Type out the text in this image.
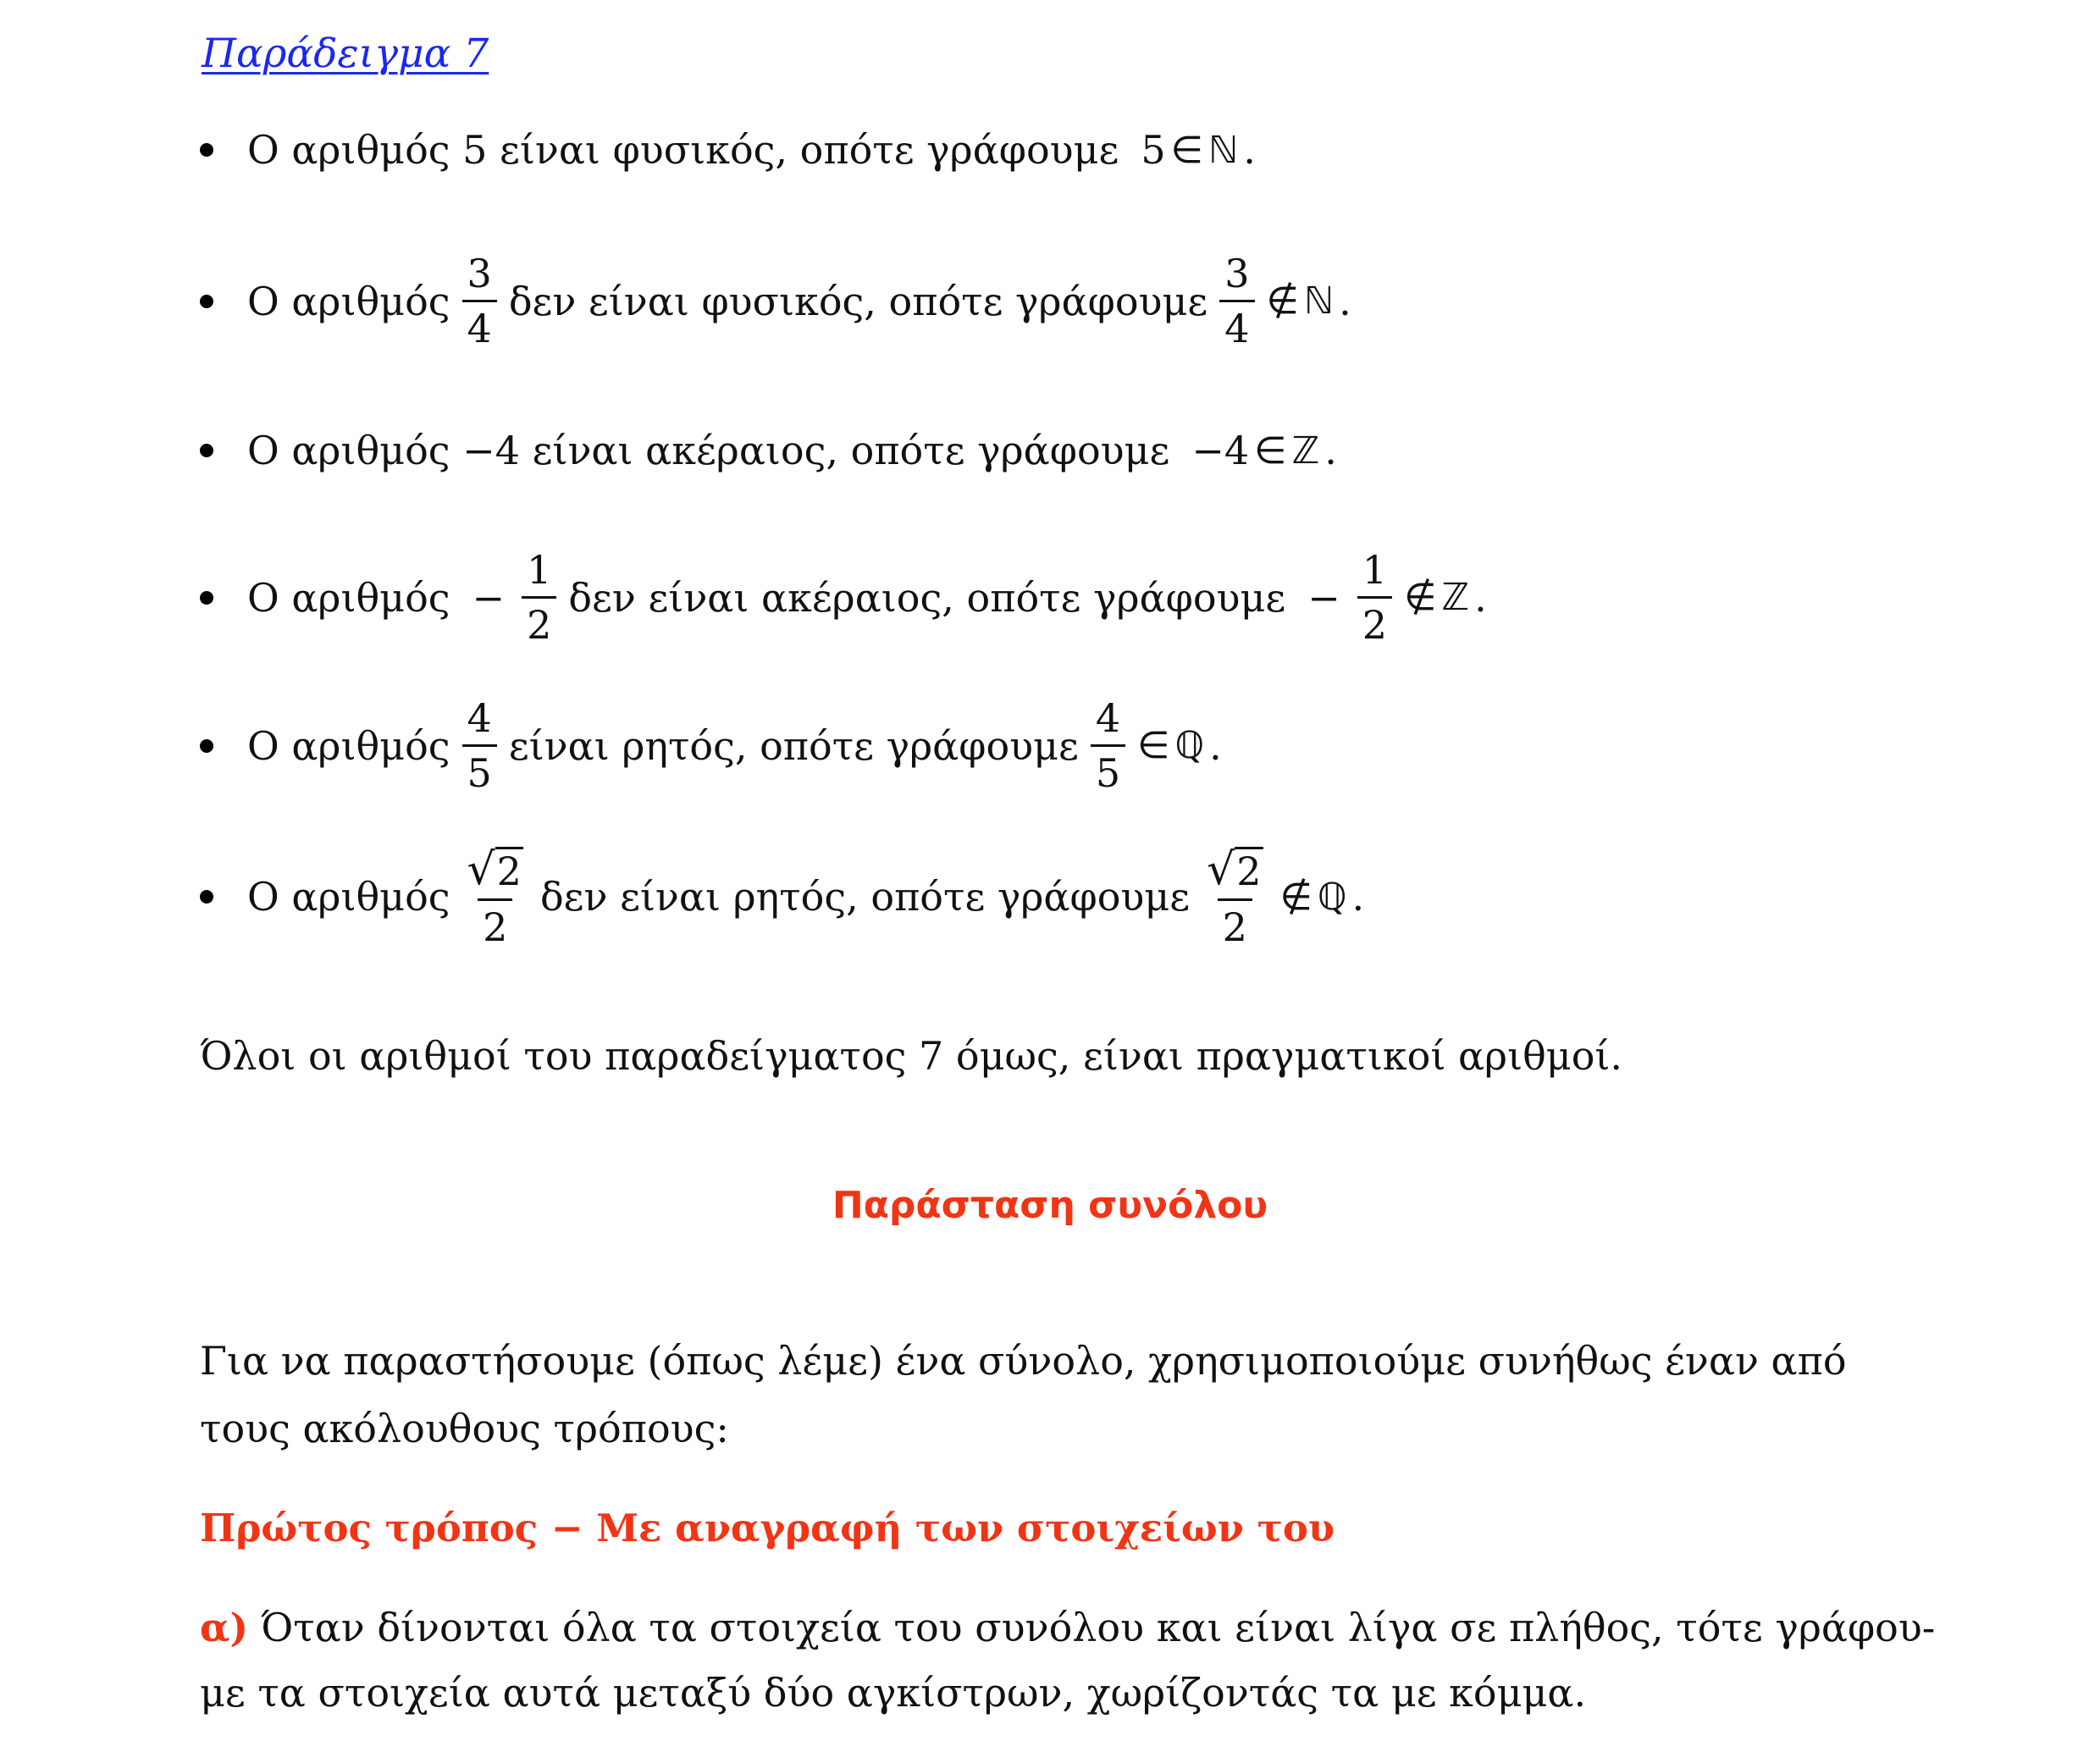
Παράδειγμα 7
Ο αριθμός 5 είναι φυσικός, οπότε γράφουμε 5 ∈ ℕ .
Ο αριθμός $\frac{3}{4}$ δεν είναι φυσικός, οπότε γράφουμε $\frac{3}{4}$ ∉ ℕ .
Ο αριθμός −4 είναι ακέραιος, οπότε γράφουμε −4 ∈ ℤ .
Ο $\alpha\rho\iota\theta\mu ό\varsigma - \frac{1}{2}$ δεν είναι ακέραιος, οπότε $\gamma\rho ά\varphi o\upsilon\mu\varepsilon - \frac{1}{2}$ ∉ ℤ .
Ο αριθμός $\frac{4}{5}$ είναι ρητός, οπότε γράφουμε $\frac{4}{5}$ ∈ ℚ .
Ο αριθμός $\frac{√ 2}{2}$ δεν είναι ρητός, οπότε γράφουμε $\frac{√ 2}{2}$ ∉ ℚ .
Όλοι οι αριθμοί του παραδείγματος 7 όμως, είναι πραγματικοί αριθμοί.
Παράσταση συνόλου
Για να παραστήσουμε (όπως λέμε) ένα σύνολο, χρησιμοποιούμε συνήθως έναν από
τους ακόλουθους τρόπους:
Πρώτος τρόπος − Με αναγραφή των στοιχείων του
α) Όταν δίνονται όλα τα στοιχεία του συνόλου και είναι λίγα σε πλήθος, τότε γράφου-
με τα στοιχεία αυτά μεταξύ δύο αγκίστρων, χωρίζοντάς τα με κόμμα.
